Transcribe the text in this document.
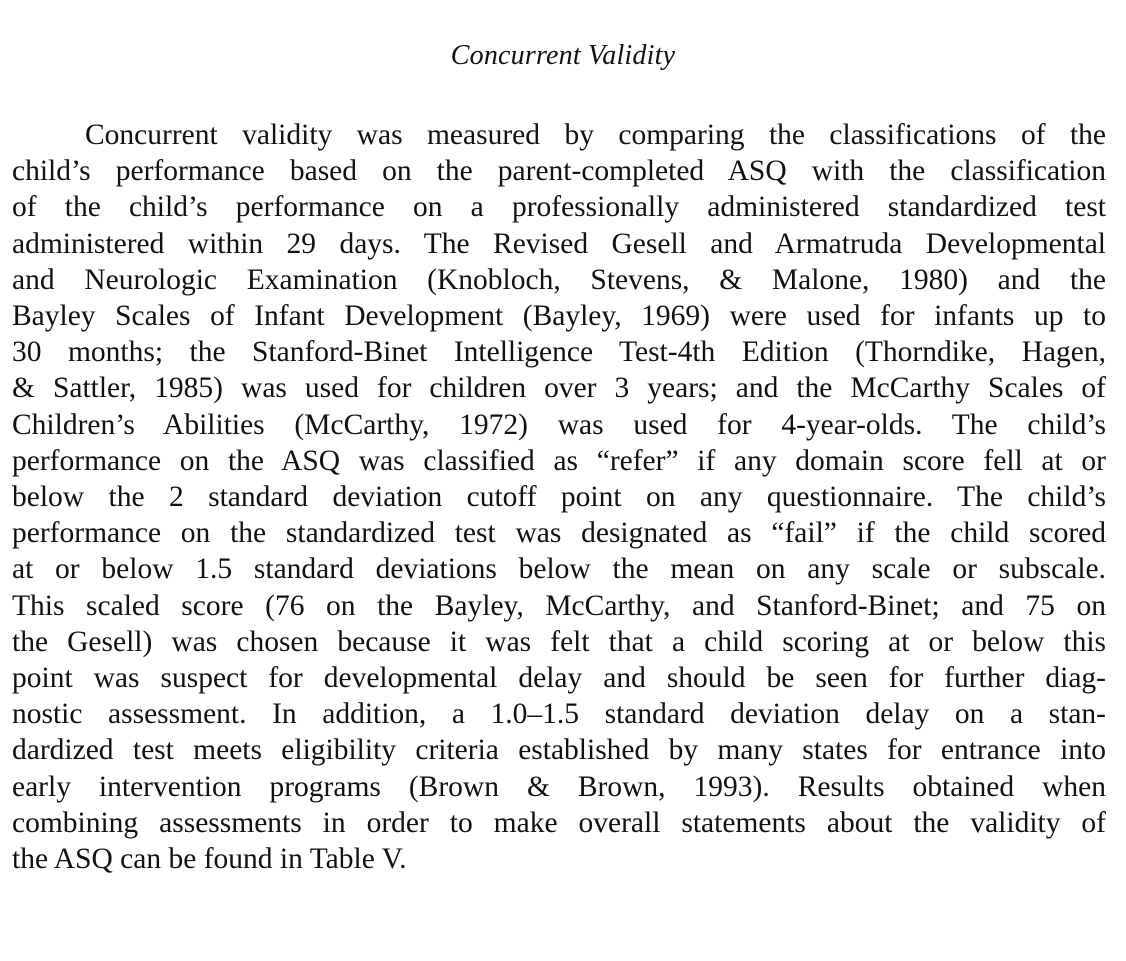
Concurrent Validity
Concurrent validity was measured by comparing the classifications of the
child’s performance based on the parent-completed ASQ with the classification
of the child’s performance on a professionally administered standardized test
administered within 29 days. The Revised Gesell and Armatruda Developmental
and Neurologic Examination (Knobloch, Stevens, & Malone, 1980) and the
Bayley Scales of Infant Development (Bayley, 1969) were used for infants up to
30 months; the Stanford-Binet Intelligence Test-4th Edition (Thorndike, Hagen,
& Sattler, 1985) was used for children over 3 years; and the McCarthy Scales of
Children’s Abilities (McCarthy, 1972) was used for 4-year-olds. The child’s
performance on the ASQ was classified as “refer” if any domain score fell at or
below the 2 standard deviation cutoff point on any questionnaire. The child’s
performance on the standardized test was designated as “fail” if the child scored
at or below 1.5 standard deviations below the mean on any scale or subscale.
This scaled score (76 on the Bayley, McCarthy, and Stanford-Binet; and 75 on
the Gesell) was chosen because it was felt that a child scoring at or below this
point was suspect for developmental delay and should be seen for further diag-
nostic assessment. In addition, a 1.0–1.5 standard deviation delay on a stan-
dardized test meets eligibility criteria established by many states for entrance into
early intervention programs (Brown & Brown, 1993). Results obtained when
combining assessments in order to make overall statements about the validity of
the ASQ can be found in Table V.
